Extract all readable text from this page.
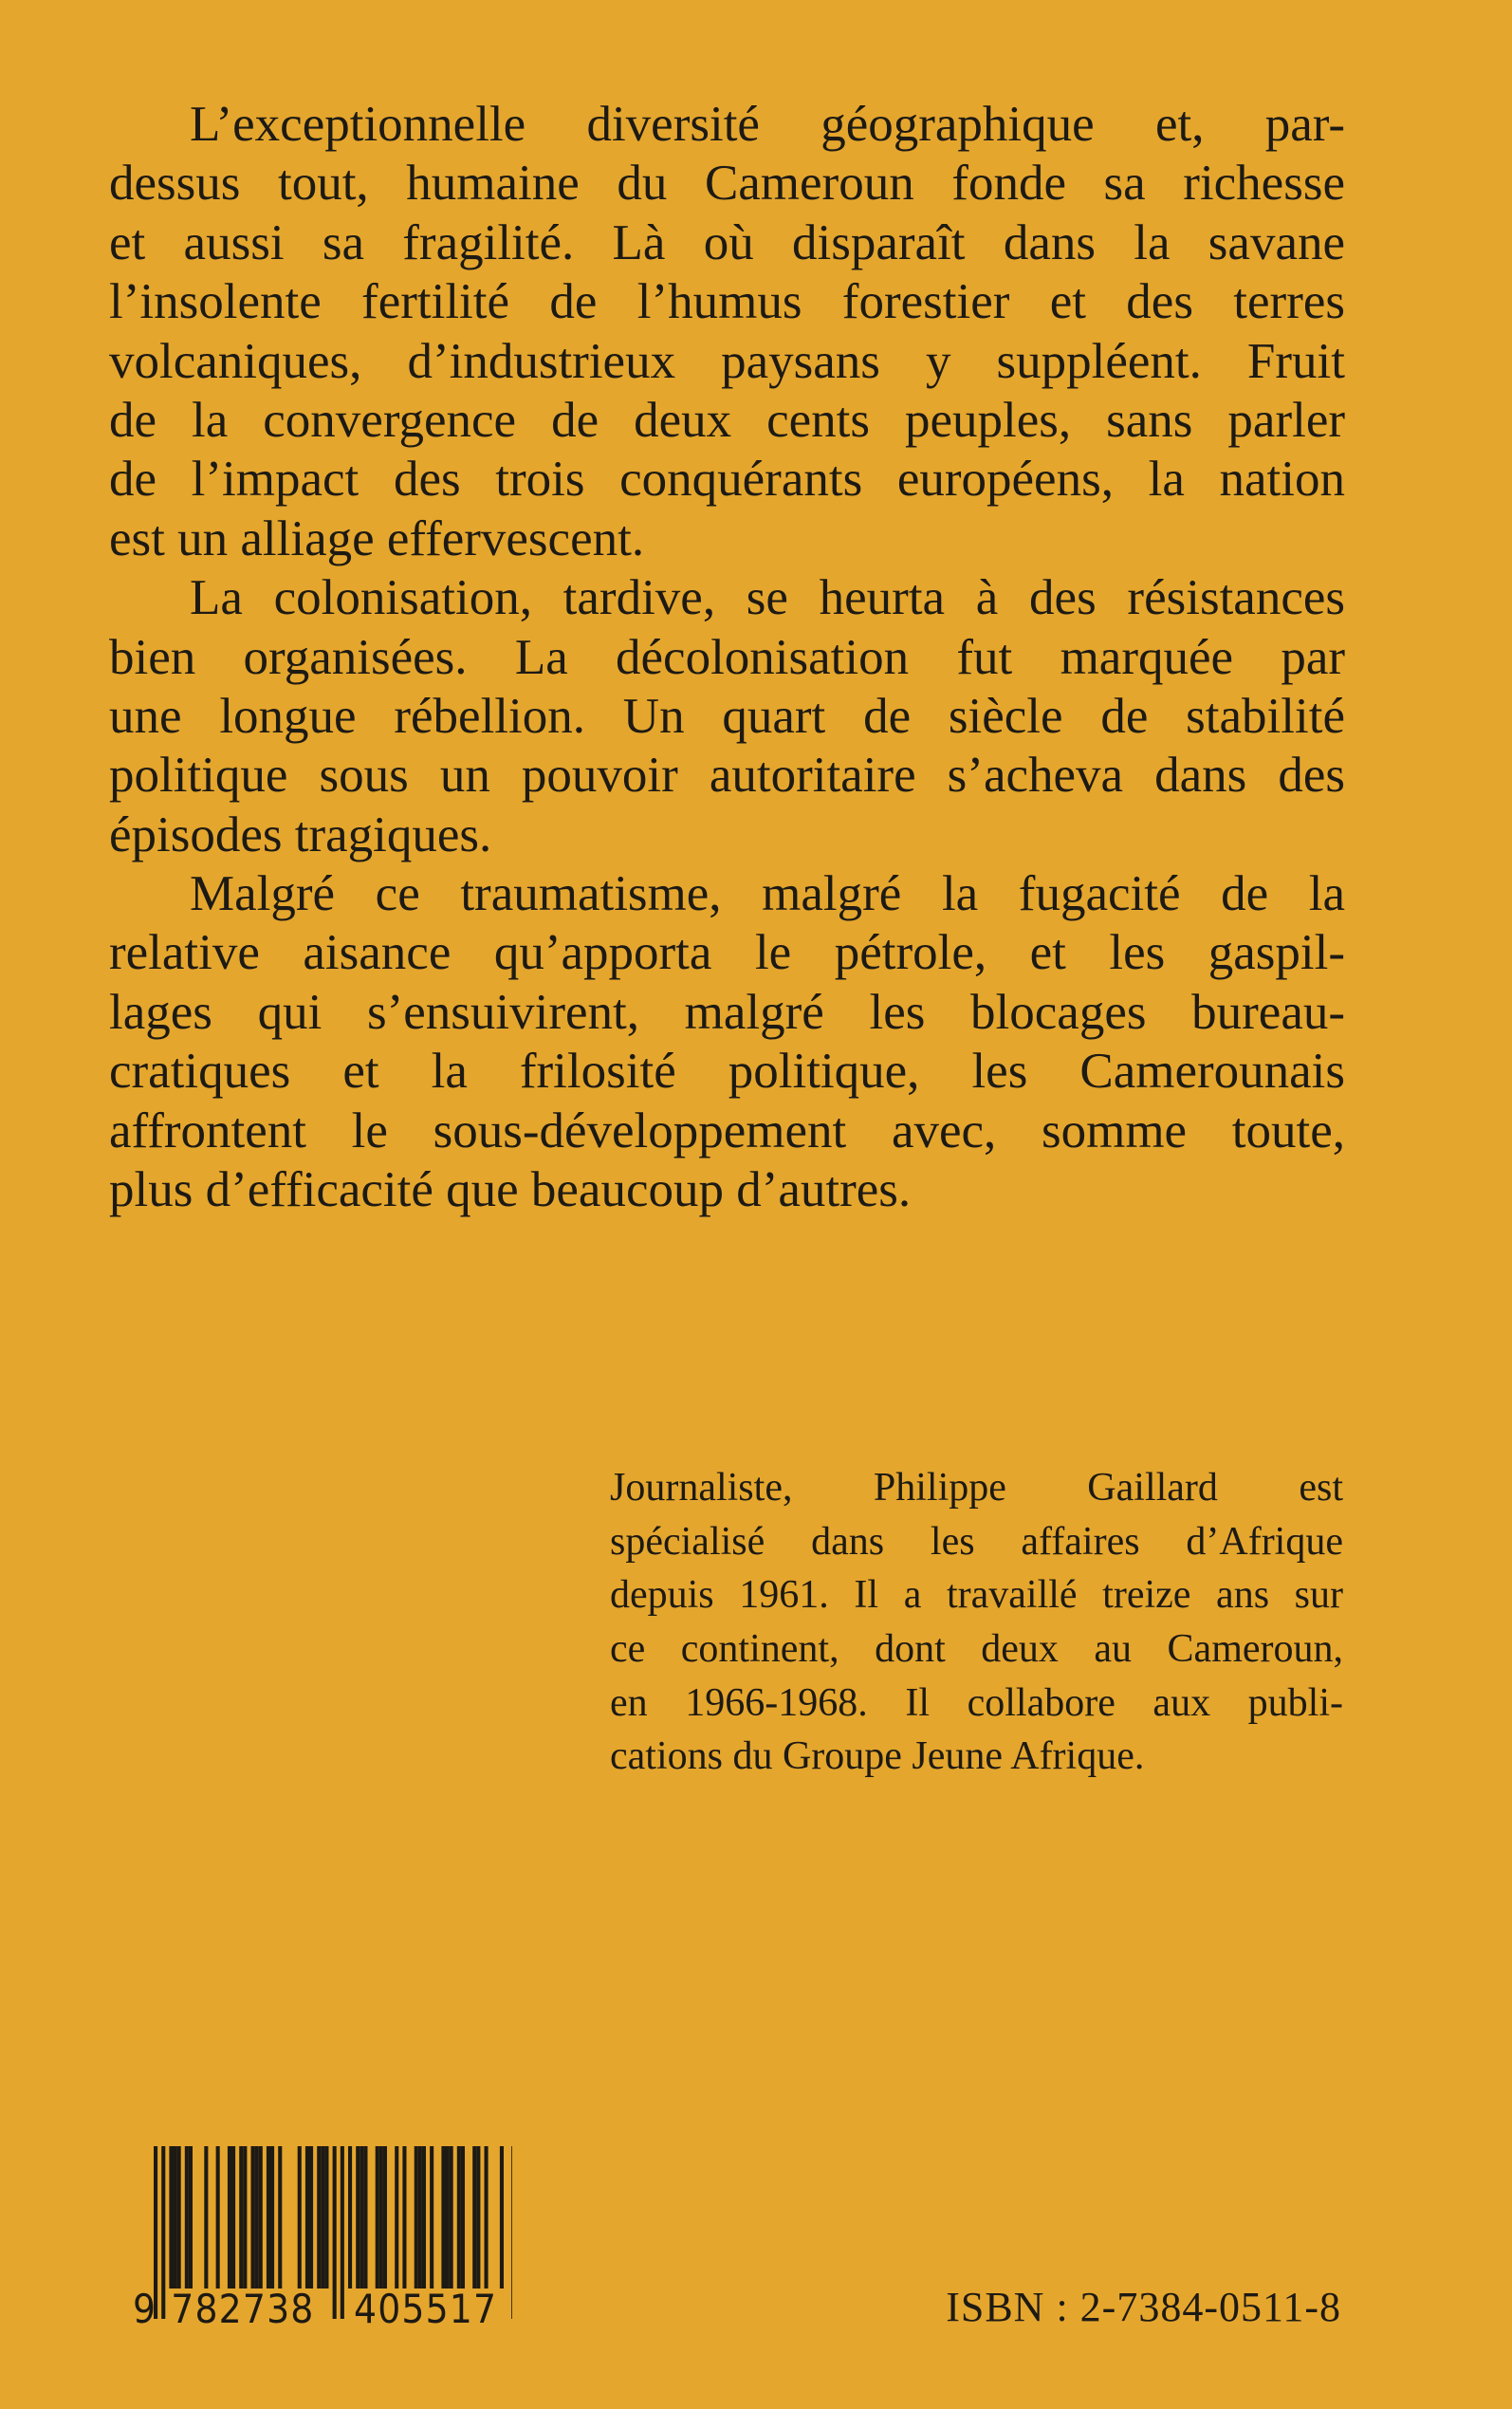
L’exceptionnelle diversité géographique et, par-
dessus tout, humaine du Cameroun fonde sa richesse
et aussi sa fragilité. Là où disparaît dans la savane
l’insolente fertilité de l’humus forestier et des terres
volcaniques, d’industrieux paysans y suppléent. Fruit
de la convergence de deux cents peuples, sans parler
de l’impact des trois conquérants européens, la nation
est un alliage effervescent.
La colonisation, tardive, se heurta à des résistances
bien organisées. La décolonisation fut marquée par
une longue rébellion. Un quart de siècle de stabilité
politique sous un pouvoir autoritaire s’acheva dans des
épisodes tragiques.
Malgré ce traumatisme, malgré la fugacité de la
relative aisance qu’apporta le pétrole, et les gaspil-
lages qui s’ensuivirent, malgré les blocages bureau-
cratiques et la frilosité politique, les Camerounais
affrontent le sous-développement avec, somme toute,
plus d’efficacité que beaucoup d’autres.
Journaliste, Philippe Gaillard est
spécialisé dans les affaires d’Afrique
depuis 1961. Il a travaillé treize ans sur
ce continent, dont deux au Cameroun,
en 1966-1968. Il collabore aux publi-
cations du Groupe Jeune Afrique.
9 782738 405517	ISBN : 2-7384-0511-8
